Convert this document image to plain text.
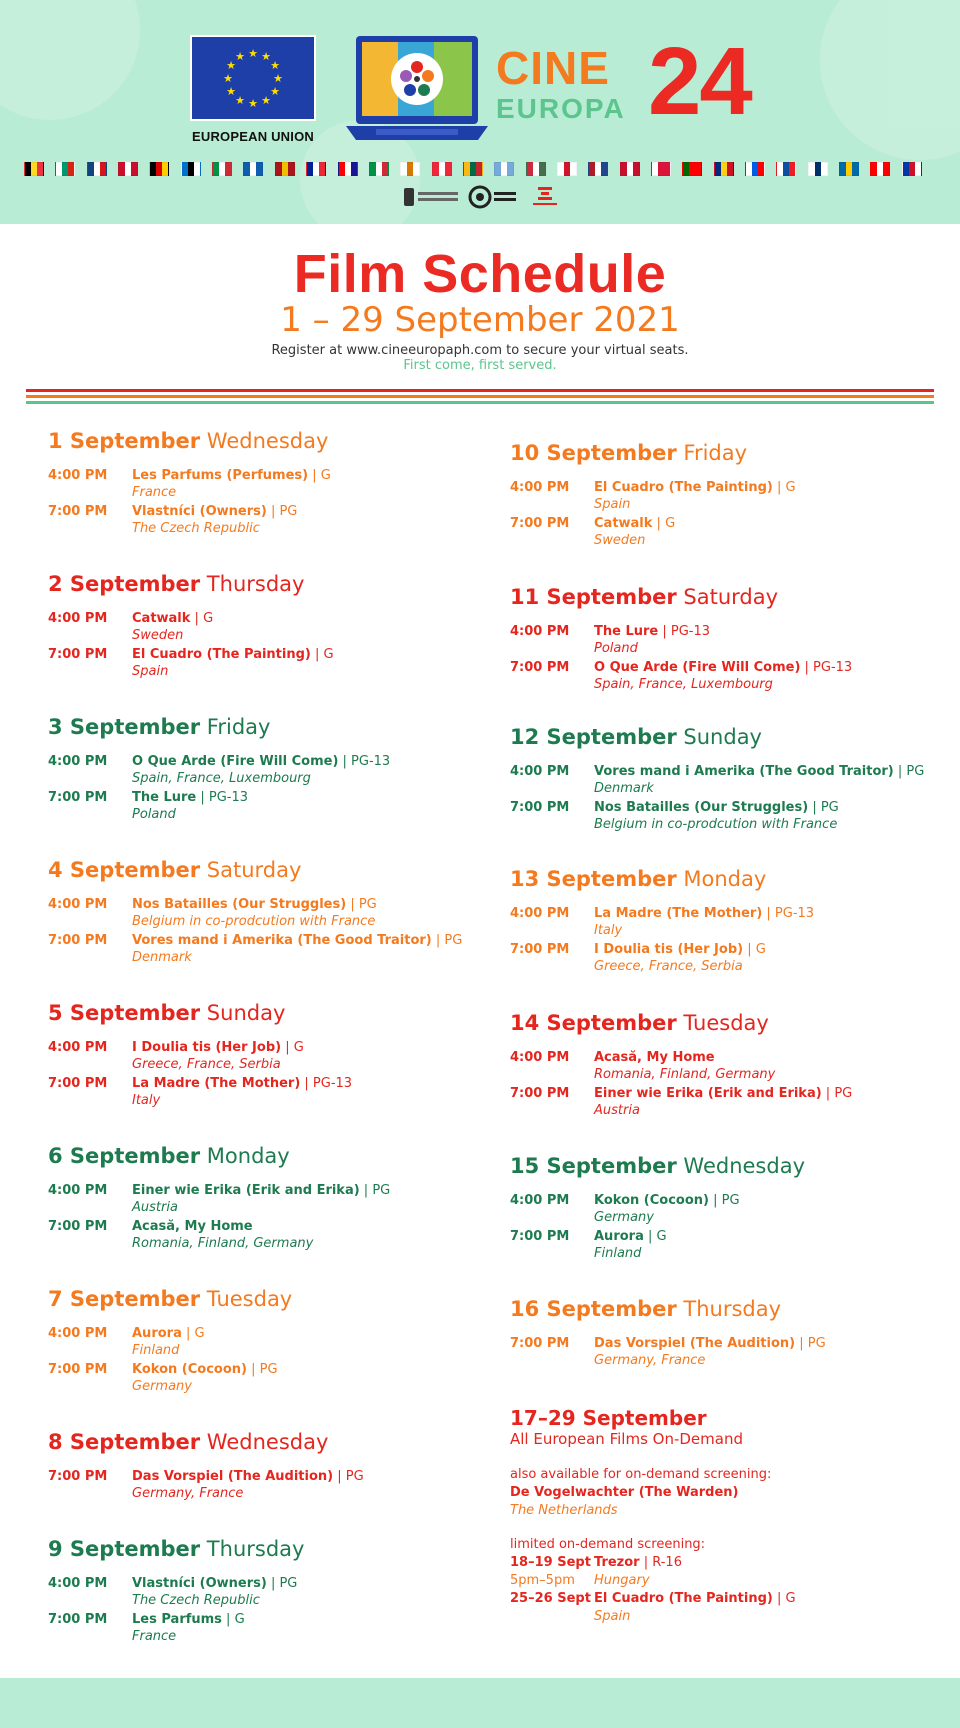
★ ★
★
★
★
★
★
★
★
★
★
★
EUROPEAN UNION
CINE
EUROPA 24
Film Schedule
1 – 29 September 2021
Register at www.cineeuropaph.com to secure your virtual seats.
First come, first served.
1 September Wednesday
4:00 PM Les Parfums (Perfumes) | G
France
7:00 PM Vlastníci (Owners) | PG
The Czech Republic
2 September Thursday
4:00 PM Catwalk | G
Sweden
7:00 PM El Cuadro (The Painting) | G
Spain
3 September Friday
4:00 PM O Que Arde (Fire Will Come) | PG-13
Spain, France, Luxembourg
7:00 PM The Lure | PG-13
Poland
4 September Saturday
4:00 PM Nos Batailles (Our Struggles) | PG
Belgium in co-prodcution with France
7:00 PM Vores mand i Amerika (The Good Traitor) | PG
Denmark
5 September Sunday
4:00 PM I Doulia tis (Her Job) | G
Greece, France, Serbia
7:00 PM La Madre (The Mother) | PG-13
Italy
6 September Monday
4:00 PM Einer wie Erika (Erik and Erika) | PG
Austria
7:00 PM Acasă, My Home
Romania, Finland, Germany
7 September Tuesday
4:00 PM Aurora | G
Finland
7:00 PM Kokon (Cocoon) | PG
Germany
8 September Wednesday
7:00 PM Das Vorspiel (The Audition) | PG
Germany, France
9 September Thursday
4:00 PM Vlastníci (Owners) | PG
The Czech Republic
7:00 PM Les Parfums | G
France
10 September Friday
4:00 PM El Cuadro (The Painting) | G
Spain
7:00 PM Catwalk | G
Sweden
11 September Saturday
4:00 PM The Lure | PG-13
Poland
7:00 PM O Que Arde (Fire Will Come) | PG-13
Spain, France, Luxembourg
12 September Sunday
4:00 PM Vores mand i Amerika (The Good Traitor) | PG
Denmark
7:00 PM Nos Batailles (Our Struggles) | PG
Belgium in co-prodcution with France
13 September Monday
4:00 PM La Madre (The Mother) | PG-13
Italy
7:00 PM I Doulia tis (Her Job) | G
Greece, France, Serbia
14 September Tuesday
4:00 PM Acasă, My Home
Romania, Finland, Germany
7:00 PM Einer wie Erika (Erik and Erika) | PG
Austria
15 September Wednesday
4:00 PM Kokon (Cocoon) | PG
Germany
7:00 PM Aurora | G
Finland
16 September Thursday
7:00 PM Das Vorspiel (The Audition) | PG
Germany, France
17–29 September
All European Films On-Demand
also available for on-demand screening:
De Vogelwachter (The Warden)
The Netherlands
limited on-demand screening:
18–19 Sept
5pm–5pm
Trezor | R-16
Hungary
25–26 Sept El Cuadro (The Painting) | G
Spain
